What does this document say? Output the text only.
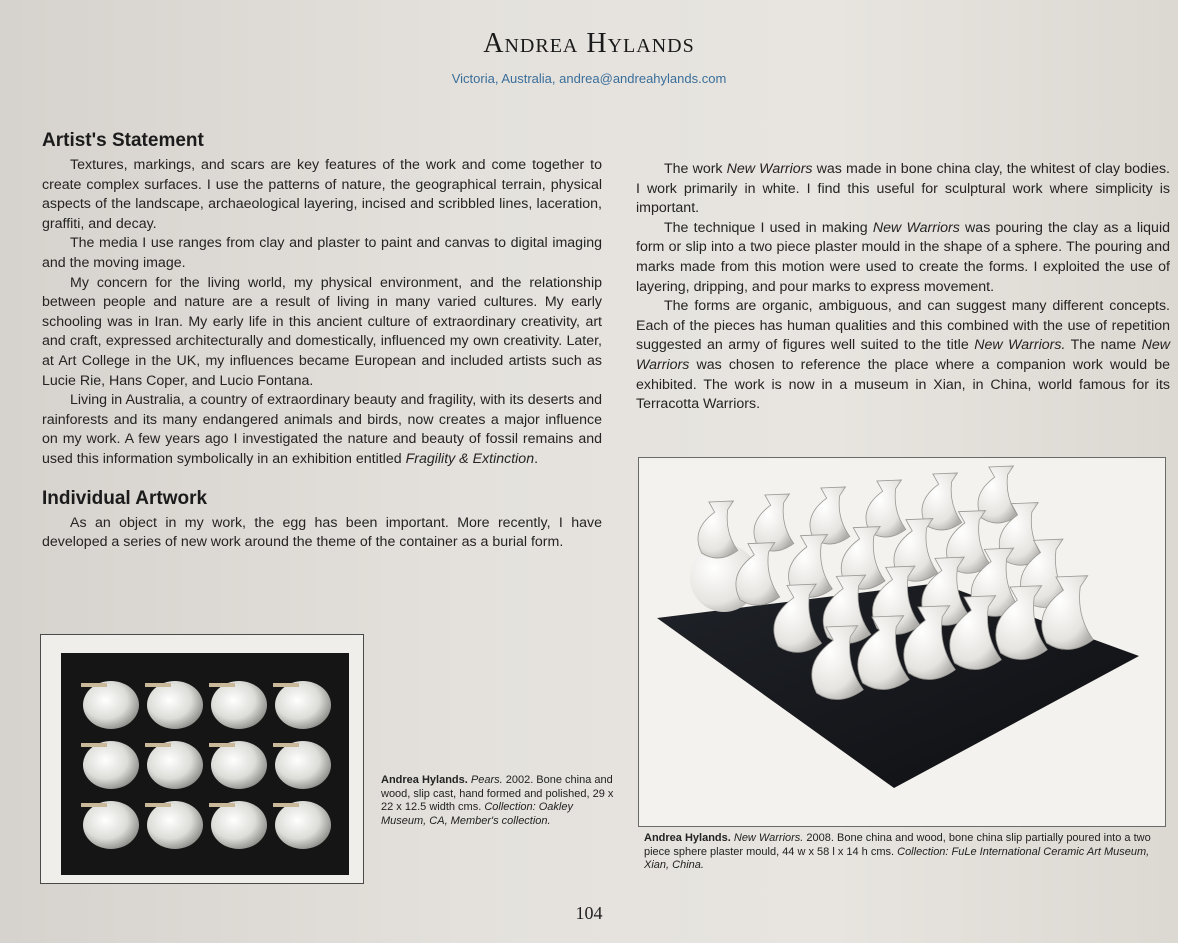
Andrea Hylands
Victoria, Australia, andrea@andreahylands.com
Artist's Statement

Textures, markings, and scars are key features of the work and come together to create complex surfaces. I use the patterns of nature, the geographical terrain, physical aspects of the landscape, archaeological layering, incised and scribbled lines, laceration, graffiti, and decay.

The media I use ranges from clay and plaster to paint and canvas to digital imaging and the moving image.

My concern for the living world, my physical environment, and the relationship between people and nature are a result of living in many varied cultures. My early schooling was in Iran. My early life in this ancient culture of extraordinary creativity, art and craft, expressed architecturally and domestically, influenced my own creativity. Later, at Art College in the UK, my influences became European and included artists such as Lucie Rie, Hans Coper, and Lucio Fontana.

Living in Australia, a country of extraordinary beauty and fragility, with its deserts and rainforests and its many endangered animals and birds, now creates a major influence on my work. A few years ago I investigated the nature and beauty of fossil remains and used this information symbolically in an exhibition entitled Fragility & Extinction.

Individual Artwork

As an object in my work, the egg has been important. More recently, I have developed a series of new work around the theme of the container as a burial form.

The work New Warriors was made in bone china clay, the whitest of clay bodies. I work primarily in white. I find this useful for sculptural work where simplicity is important.

The technique I used in making New Warriors was pouring the clay as a liquid form or slip into a two piece plaster mould in the shape of a sphere. The pouring and marks made from this motion were used to create the forms. I exploited the use of layering, dripping, and pour marks to express movement.

The forms are organic, ambiguous, and can suggest many different concepts. Each of the pieces has human qualities and this combined with the use of repetition suggested an army of figures well suited to the title New Warriors. The name New Warriors was chosen to reference the place where a companion work would be exhibited. The work is now in a museum in Xian, in China, world famous for its Terracotta Warriors.

Andrea Hylands. Pears. 2002. Bone china and wood, slip cast, hand formed and polished, 29 x 22 x 12.5 width cms. Collection: Oakley Museum, CA, Member's collection.
Andrea Hylands. New Warriors. 2008. Bone china and wood, bone china slip partially poured into a two piece sphere plaster mould, 44 w x 58 l x 14 h cms. Collection: FuLe International Ceramic Art Museum, Xian, China.
104
